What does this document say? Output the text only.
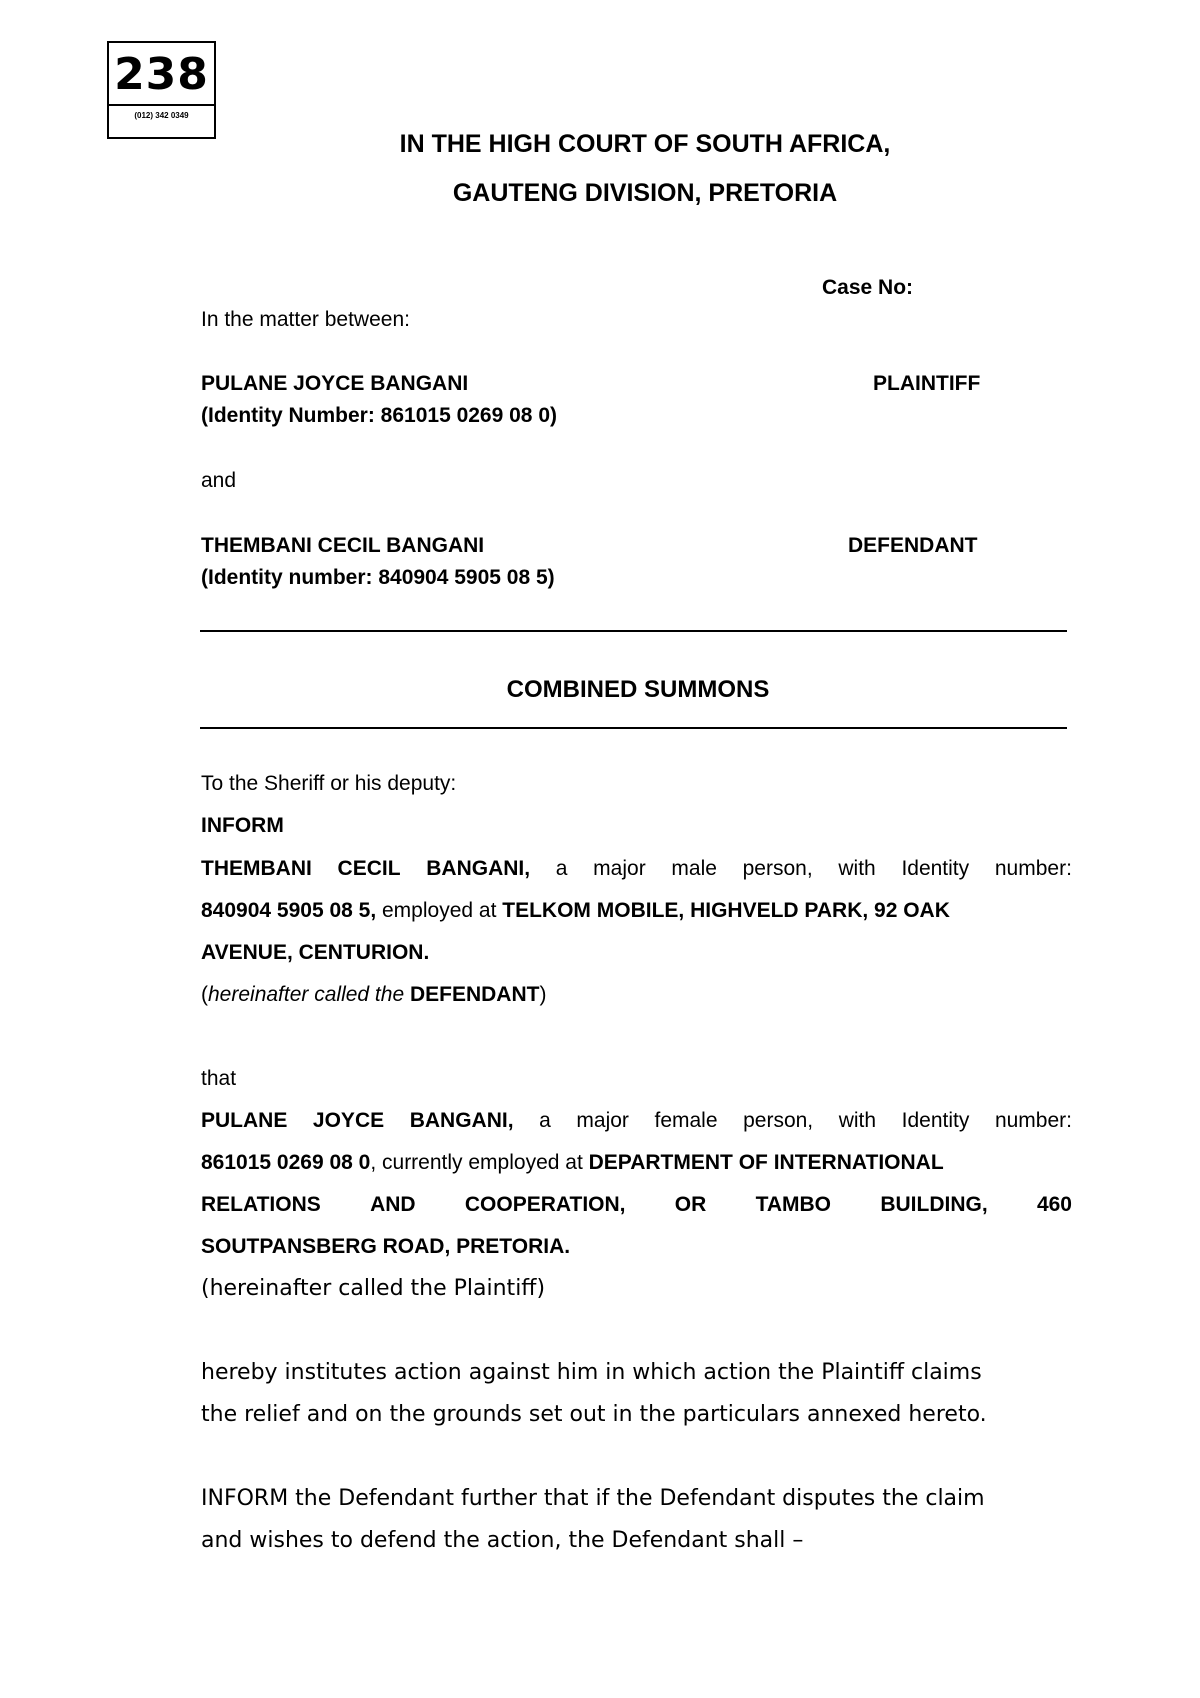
238
(012) 342 0349
IN THE HIGH COURT OF SOUTH AFRICA,
GAUTENG DIVISION, PRETORIA
Case No:
In the matter between:
PULANE JOYCE BANGANI	PLAINTIFF
(Identity Number: 861015 0269 08 0)
and
THEMBANI CECIL BANGANI	DEFENDANT
(Identity number: 840904 5905 08 5)
COMBINED SUMMONS
To the Sheriff or his deputy:
INFORM
THEMBANI CECIL BANGANI, a major male person, with Identity number:
840904 5905 08 5, employed at TELKOM MOBILE, HIGHVELD PARK, 92 OAK
AVENUE, CENTURION.
(hereinafter called the DEFENDANT)
that
PULANE JOYCE BANGANI, a major female person, with Identity number:
861015 0269 08 0, currently employed at DEPARTMENT OF INTERNATIONAL
RELATIONS AND COOPERATION, OR TAMBO BUILDING, 460
SOUTPANSBERG ROAD, PRETORIA.
(hereinafter called the Plaintiff)
hereby institutes action against him in which action the Plaintiff claims
the relief and on the grounds set out in the particulars annexed hereto.
INFORM the Defendant further that if the Defendant disputes the claim
and wishes to defend the action, the Defendant shall –
